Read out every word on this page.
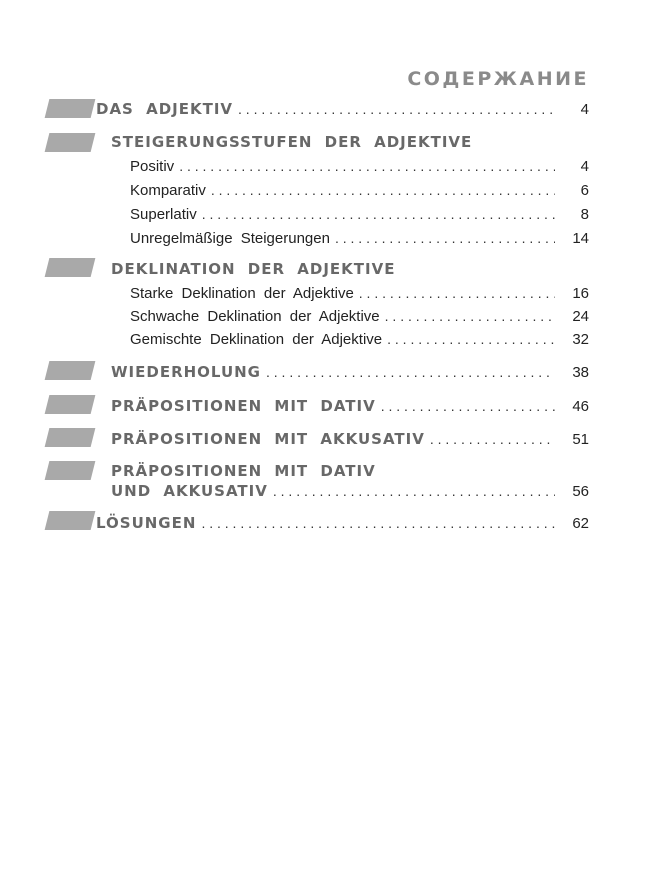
СОДЕРЖАНИЕ
DAS ADJEKTIV . . .	4
STEIGERUNGSSTUFEN DER ADJEKTIVE
Positiv . . .	4
Komparativ . . .	6
Superlativ . . .	8
Unregelmäßige Steigerungen . . .	14
DEKLINATION DER ADJEKTIVE
Starke Deklination der Adjektive . . .	16
Schwache Deklination der Adjektive . . .	24
Gemischte Deklination der Adjektive . . .	32
WIEDERHOLUNG . . .	38
PRÄPOSITIONEN MIT DATIV . . .	46
PRÄPOSITIONEN MIT AKKUSATIV . . .	51
PRÄPOSITIONEN MIT DATIV
UND AKKUSATIV . . .	56
LÖSUNGEN . . .	62
